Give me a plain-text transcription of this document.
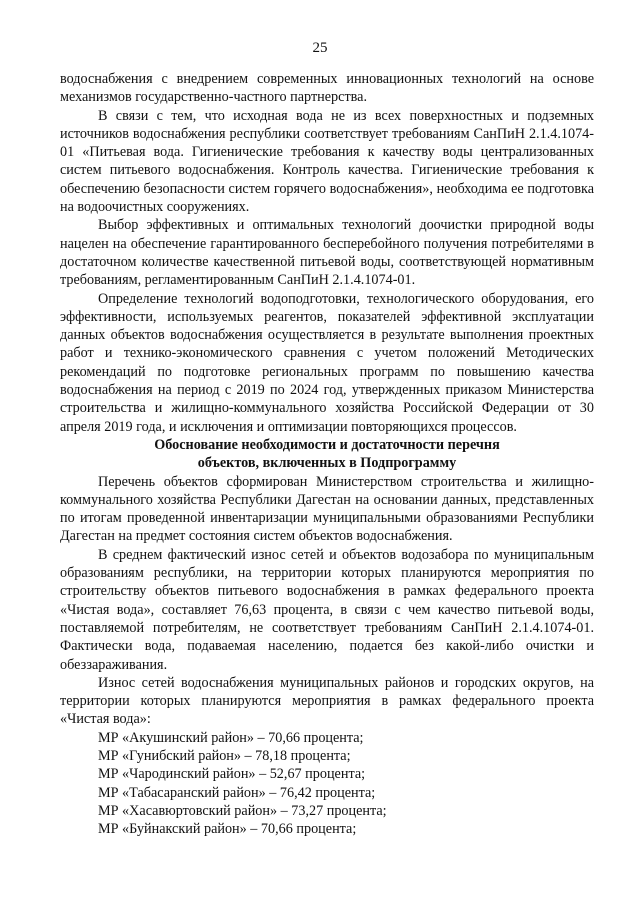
25

водоснабжения с внедрением современных инновационных технологий на основе механизмов государственно-частного партнерства.

В связи с тем, что исходная вода не из всех поверхностных и подземных источников водоснабжения республики соответствует требованиям СанПиН 2.1.4.1074-01 «Питьевая вода. Гигиенические требования к качеству воды централизованных систем питьевого водоснабжения. Контроль качества. Гигиенические требования к обеспечению безопасности систем горячего водоснабжения», необходима ее подготовка на водоочистных сооружениях.

Выбор эффективных и оптимальных технологий доочистки природной воды нацелен на обеспечение гарантированного бесперебойного получения потребителями в достаточном количестве качественной питьевой воды, соответствующей нормативным требованиям, регламентированным СанПиН 2.1.4.1074-01.

Определение технологий водоподготовки, технологического оборудования, его эффективности, используемых реагентов, показателей эффективной эксплуатации данных объектов водоснабжения осуществляется в результате выполнения проектных работ и технико-экономического сравнения с учетом положений Методических рекомендаций по подготовке региональных программ по повышению качества водоснабжения на период с 2019 по 2024 год, утвержденных приказом Министерства строительства и жилищно-коммунального хозяйства Российской Федерации от 30 апреля 2019 года, и исключения и оптимизации повторяющихся процессов.

Обоснование необходимости и достаточности перечня

объектов, включенных в Подпрограмму

Перечень объектов сформирован Министерством строительства и жилищно-коммунального хозяйства Республики Дагестан на основании данных, представленных по итогам проведенной инвентаризации муниципальными образованиями Республики Дагестан на предмет состояния систем объектов водоснабжения.

В среднем фактический износ сетей и объектов водозабора по муниципальным образованиям республики, на территории которых планируются мероприятия по строительству объектов питьевого водоснабжения в рамках федерального проекта «Чистая вода», составляет 76,63 процента, в связи с чем качество питьевой воды, поставляемой потребителям, не соответствует требованиям СанПиН 2.1.4.1074-01. Фактически вода, подаваемая населению, подается без какой-либо очистки и обеззараживания.

Износ сетей водоснабжения муниципальных районов и городских округов, на территории которых планируются мероприятия в рамках федерального проекта «Чистая вода»:

МР «Акушинский район» – 70,66 процента;
МР «Гунибский район» – 78,18 процента;
МР «Чародинский район» – 52,67 процента;
МР «Табасаранский район» – 76,42 процента;
МР «Хасавюртовский район» – 73,27 процента;
МР «Буйнакский район» – 70,66 процента;
